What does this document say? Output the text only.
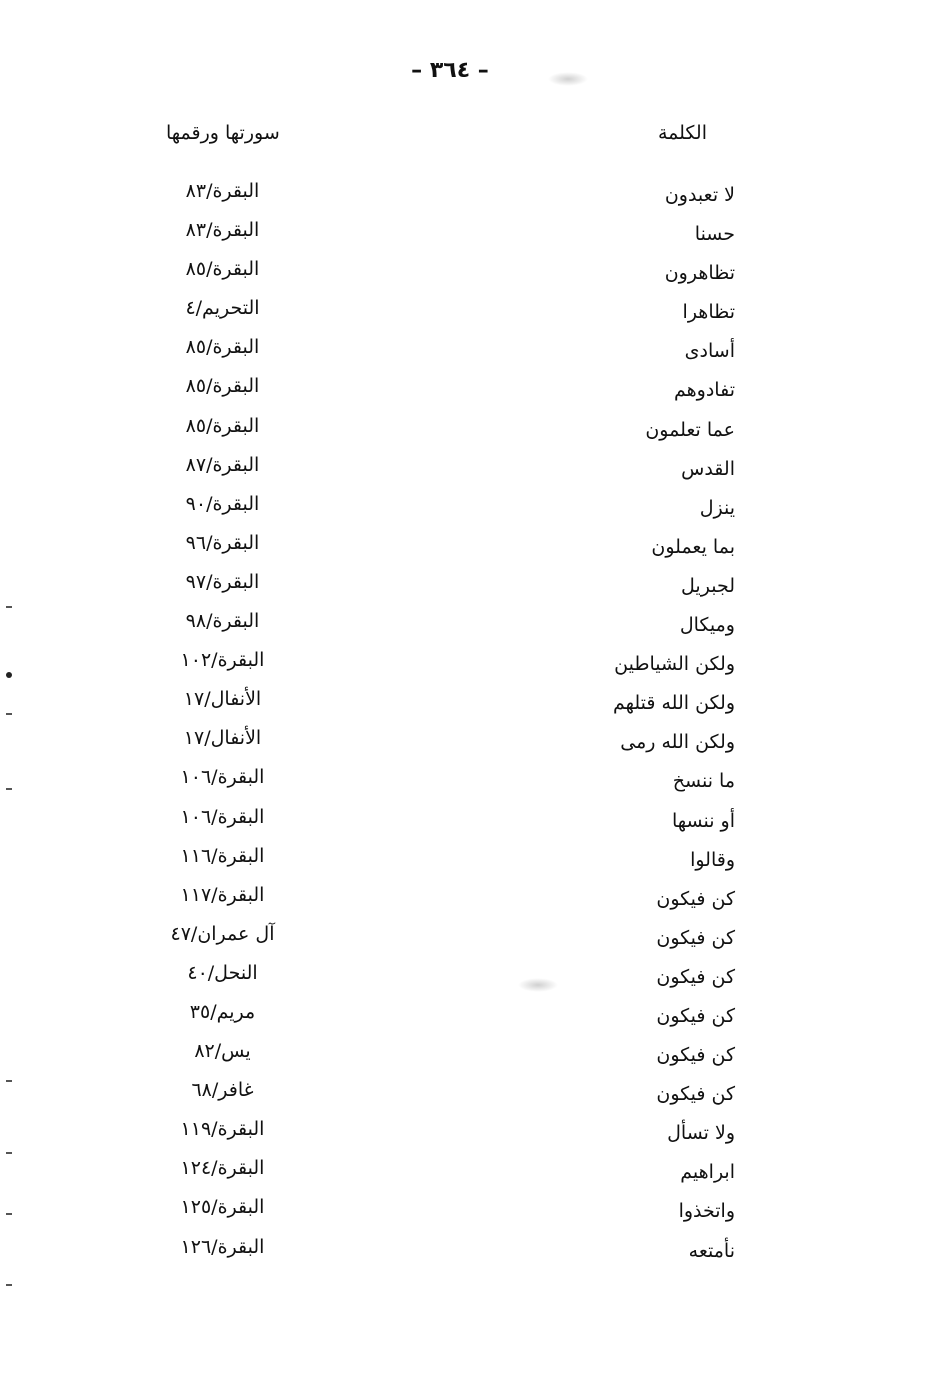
– ٣٦٤ –
الكلمة
سورتها ورقمها
لا تعبدون
البقرة/٨٣
حسنا
البقرة/٨٣
تظاهرون
البقرة/٨٥
تظاهرا
التحريم/٤
أسادى
البقرة/٨٥
تفادوهم
البقرة/٨٥
عما تعلمون
البقرة/٨٥
القدس
البقرة/٨٧
ينزل
البقرة/٩٠
بما يعملون
البقرة/٩٦
لجبريل
البقرة/٩٧
وميكال
البقرة/٩٨
ولكن الشياطين
البقرة/١٠٢
ولكن الله قتلهم
الأنفال/١٧
ولكن الله رمى
الأنفال/١٧
ما ننسخ
البقرة/١٠٦
أو ننسها
البقرة/١٠٦
وقالوا
البقرة/١١٦
كن فيكون
البقرة/١١٧
كن فيكون
آل عمران/٤٧
كن فيكون
النحل/٤٠
كن فيكون
مريم/٣٥
كن فيكون
يس/٨٢
كن فيكون
غافر/٦٨
ولا تسأل
البقرة/١١٩
ابراهيم
البقرة/١٢٤
واتخذوا
البقرة/١٢٥
نأمتعه
البقرة/١٢٦
